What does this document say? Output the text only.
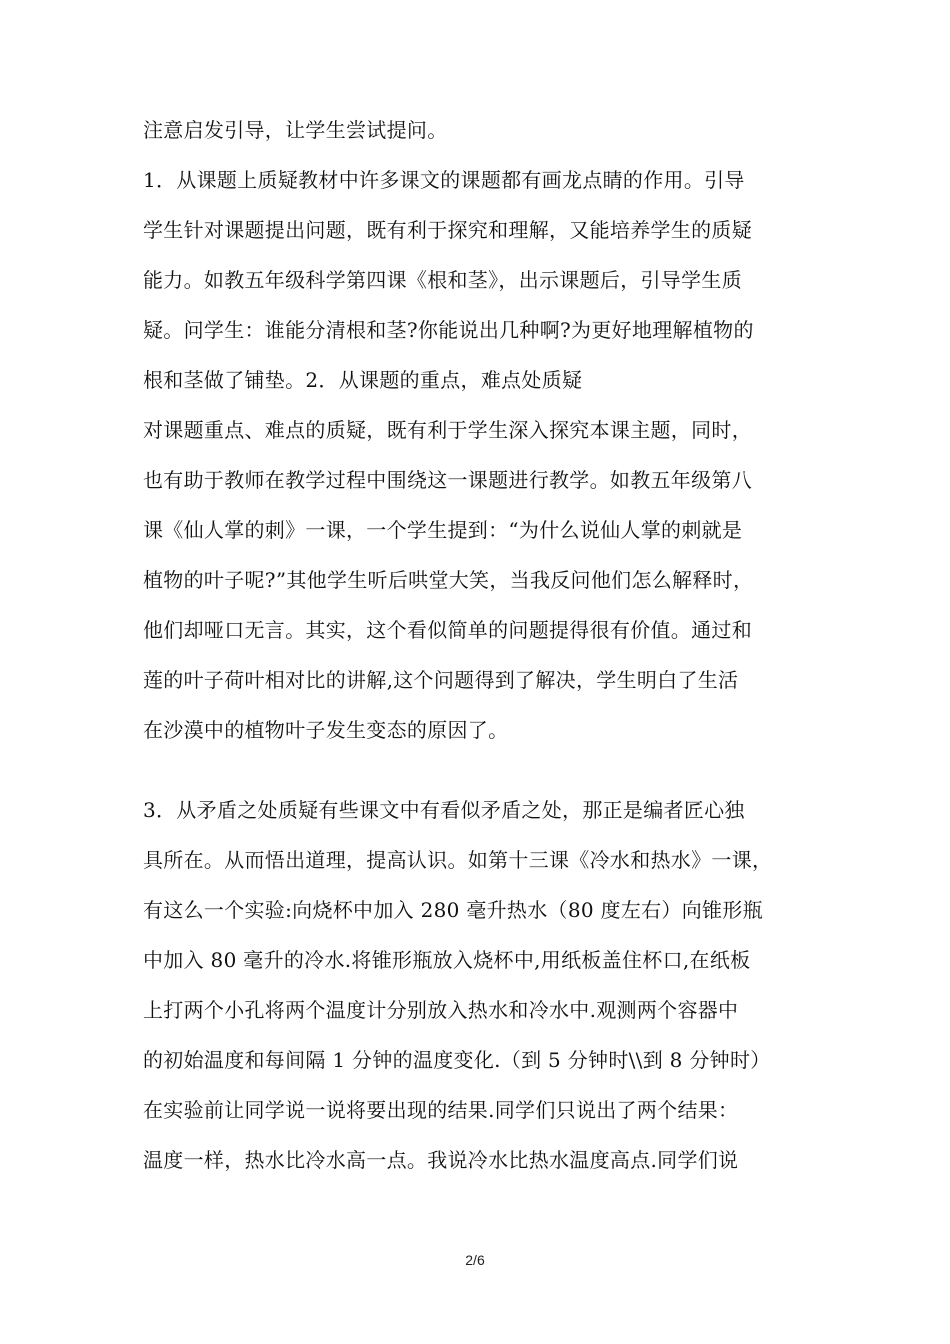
注意启发引导，让学生尝试提问。
1．从课题上质疑教材中许多课文的课题都有画龙点睛的作用。引导
学生针对课题提出问题，既有利于探究和理解，又能培养学生的质疑
能力。如教五年级科学第四课《根和茎》，出示课题后，引导学生质
疑。问学生：谁能分清根和茎?你能说出几种啊?为更好地理解植物的
根和茎做了铺垫。2．从课题的重点，难点处质疑
对课题重点、难点的质疑，既有利于学生深入探究本课主题，同时，
也有助于教师在教学过程中围绕这一课题进行教学。如教五年级第八
课《仙人掌的刺》一课，一个学生提到：“为什么说仙人掌的刺就是
植物的叶子呢?”其他学生听后哄堂大笑，当我反问他们怎么解释时，
他们却哑口无言。其实，这个看似简单的问题提得很有价值。通过和
莲的叶子荷叶相对比的讲解,这个问题得到了解决，学生明白了生活
在沙漠中的植物叶子发生变态的原因了。
3．从矛盾之处质疑有些课文中有看似矛盾之处，那正是编者匠心独
具所在。从而悟出道理，提高认识。如第十三课《冷水和热水》一课，
有这么一个实验:向烧杯中加入 280 毫升热水（80 度左右）向锥形瓶
中加入 80 毫升的冷水.将锥形瓶放入烧杯中,用纸板盖住杯口,在纸板
上打两个小孔将两个温度计分别放入热水和冷水中.观测两个容器中
的初始温度和每间隔 1 分钟的温度变化.（到 5 分钟时\\到 8 分钟时）
在实验前让同学说一说将要出现的结果.同学们只说出了两个结果：
温度一样，热水比冷水高一点。我说冷水比热水温度高点.同学们说
2/6
